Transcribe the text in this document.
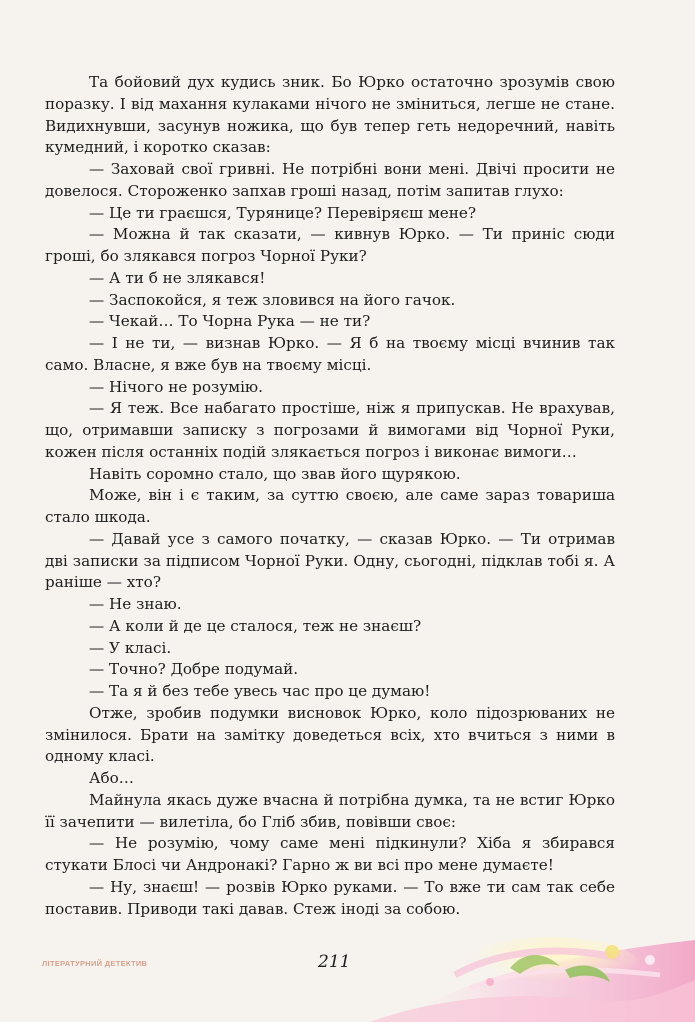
Та бойовий дух кудись зник. Бо Юрко остаточно зрозумів свою поразку. І від махання кулаками нічого не зміниться, легше не стане. Видихнувши, засунув ножика, що був тепер геть недоречний, навіть кумедний, і коротко сказав:

— Заховай свої гривні. Не потрібні вони мені. Двічі просити не довелося. Стороженко запхав гроші назад, потім запитав глухо:

— Це ти граєшся, Турянице? Перевіряєш мене?

— Можна й так сказати, — кивнув Юрко. — Ти приніс сюди гроші, бо злякався погроз Чорної Руки?

— А ти б не злякався!

— Заспокойся, я теж зловився на його гачок.

— Чекай… То Чорна Рука — не ти?

— І не ти, — визнав Юрко. — Я б на твоєму місці вчинив так само. Власне, я вже був на твоєму місці.

— Нічого не розумію.

— Я теж. Все набагато простіше, ніж я припускав. Не врахував, що, отримавши записку з погрозами й вимогами від Чорної Руки, кожен після останніх подій злякається погроз і виконає вимоги…

Навіть соромно стало, що звав його щурякою.

Може, він і є таким, за суттю своєю, але саме зараз товариша стало шкода.

— Давай усе з самого початку, — сказав Юрко. — Ти отримав дві записки за підписом Чорної Руки. Одну, сьогодні, підклав тобі я. А раніше — хто?

— Не знаю.

— А коли й де це сталося, теж не знаєш?

— У класі.

— Точно? Добре подумай.

— Та я й без тебе увесь час про це думаю!

Отже, зробив подумки висновок Юрко, коло підозрюваних не змінилося. Брати на замітку доведеться всіх, хто вчиться з ними в одному класі.

Або…

Майнула якась дуже вчасна й потрібна думка, та не встиг Юрко її зачепити — вилетіла, бо Гліб збив, повівши своє:

— Не розумію, чому саме мені підкинули? Хіба я збирався стукати Блосі чи Андронакі? Гарно ж ви всі про мене думаєте!

— Ну, знаєш! — розвів Юрко руками. — То вже ти сам так себе поставив. Приводи такі давав. Стеж іноді за собою.

ЛІТЕРАТУРНИЙ ДЕТЕКТИВ	211
